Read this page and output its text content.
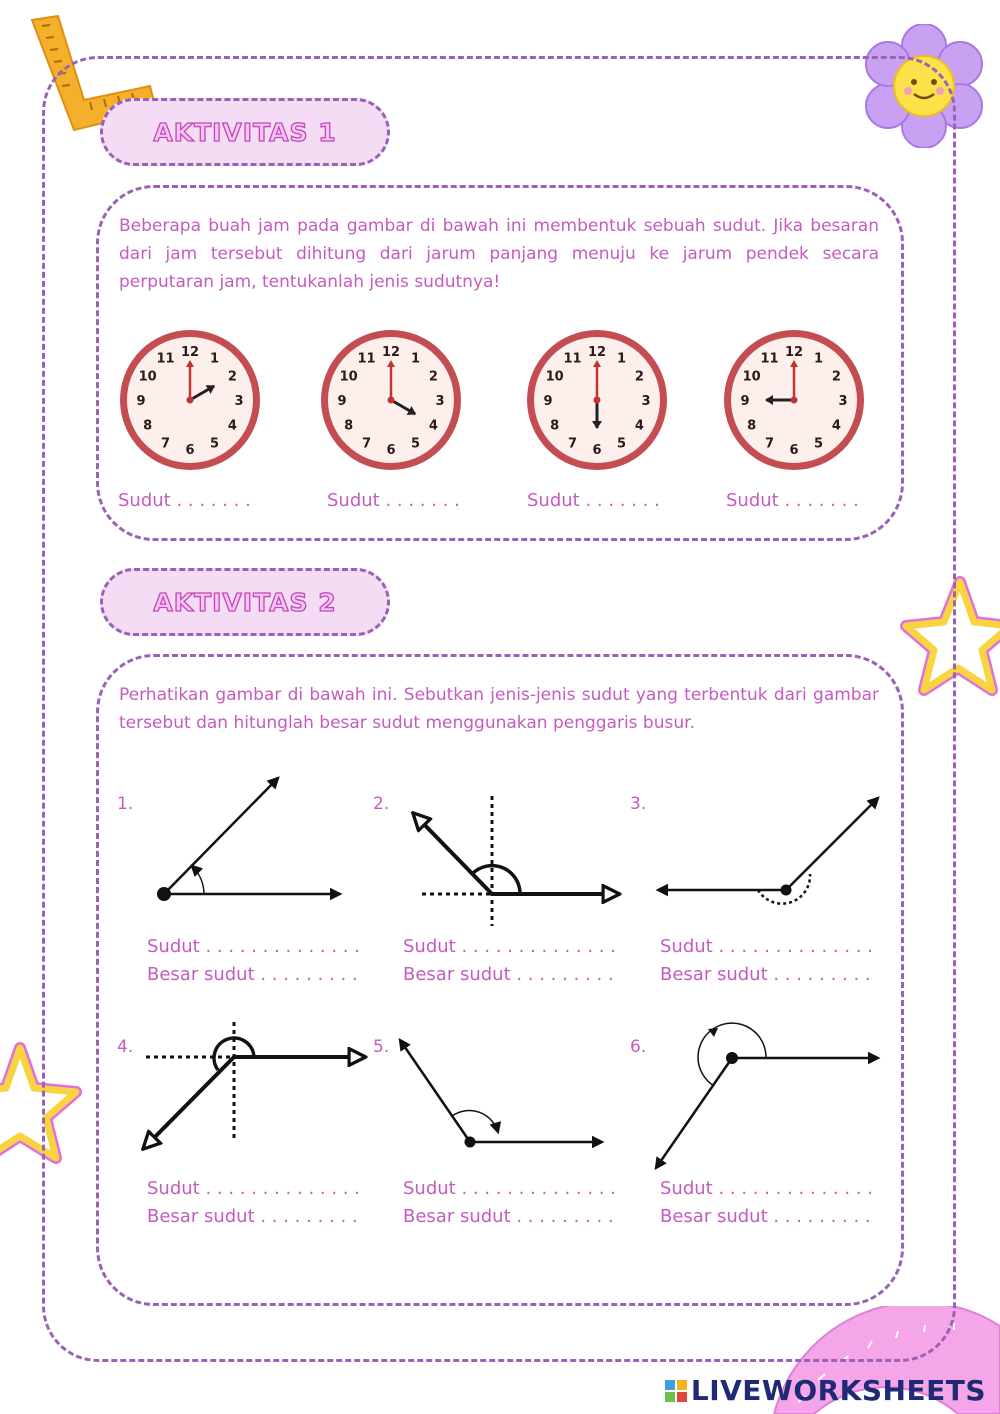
AKTIVITAS 1

Beberapa buah jam pada gambar di bawah ini membentuk sebuah sudut. Jika besaran dari jam tersebut dihitung dari jarum panjang menuju ke jarum pendek secara perputaran jam, tentukanlah jenis sudutnya!

12 1
2
3
4
5
6
7
8
9
10
11
Sudut . . . . . . .
12 1
2
3
4
5
6
7
8
9
10
11
Sudut . . . . . . .
12 1
2
3
4
5
6
7
8
9
10
11
Sudut . . . . . . .
12 1
2
3
4
5
6
7
8
9
10
11
Sudut . . . . . . .
AKTIVITAS 2

Perhatikan gambar di bawah ini. Sebutkan jenis-jenis sudut yang terbentuk dari gambar tersebut dan hitunglah besar sudut menggunakan penggaris busur.

1.
Sudut . . . . . . . . . . . . . .
Besar sudut . . . . . . . . .
2.
Sudut . . . . . . . . . . . . . .
Besar sudut . . . . . . . . .
3.
Sudut . . . . . . . . . . . . . .
Besar sudut . . . . . . . . .
4.
Sudut . . . . . . . . . . . . . .
Besar sudut . . . . . . . . .
5.
Sudut . . . . . . . . . . . . . .
Besar sudut . . . . . . . . .
6.
Sudut . . . . . . . . . . . . . .
Besar sudut . . . . . . . . .
LIVEWORKSHEETS
